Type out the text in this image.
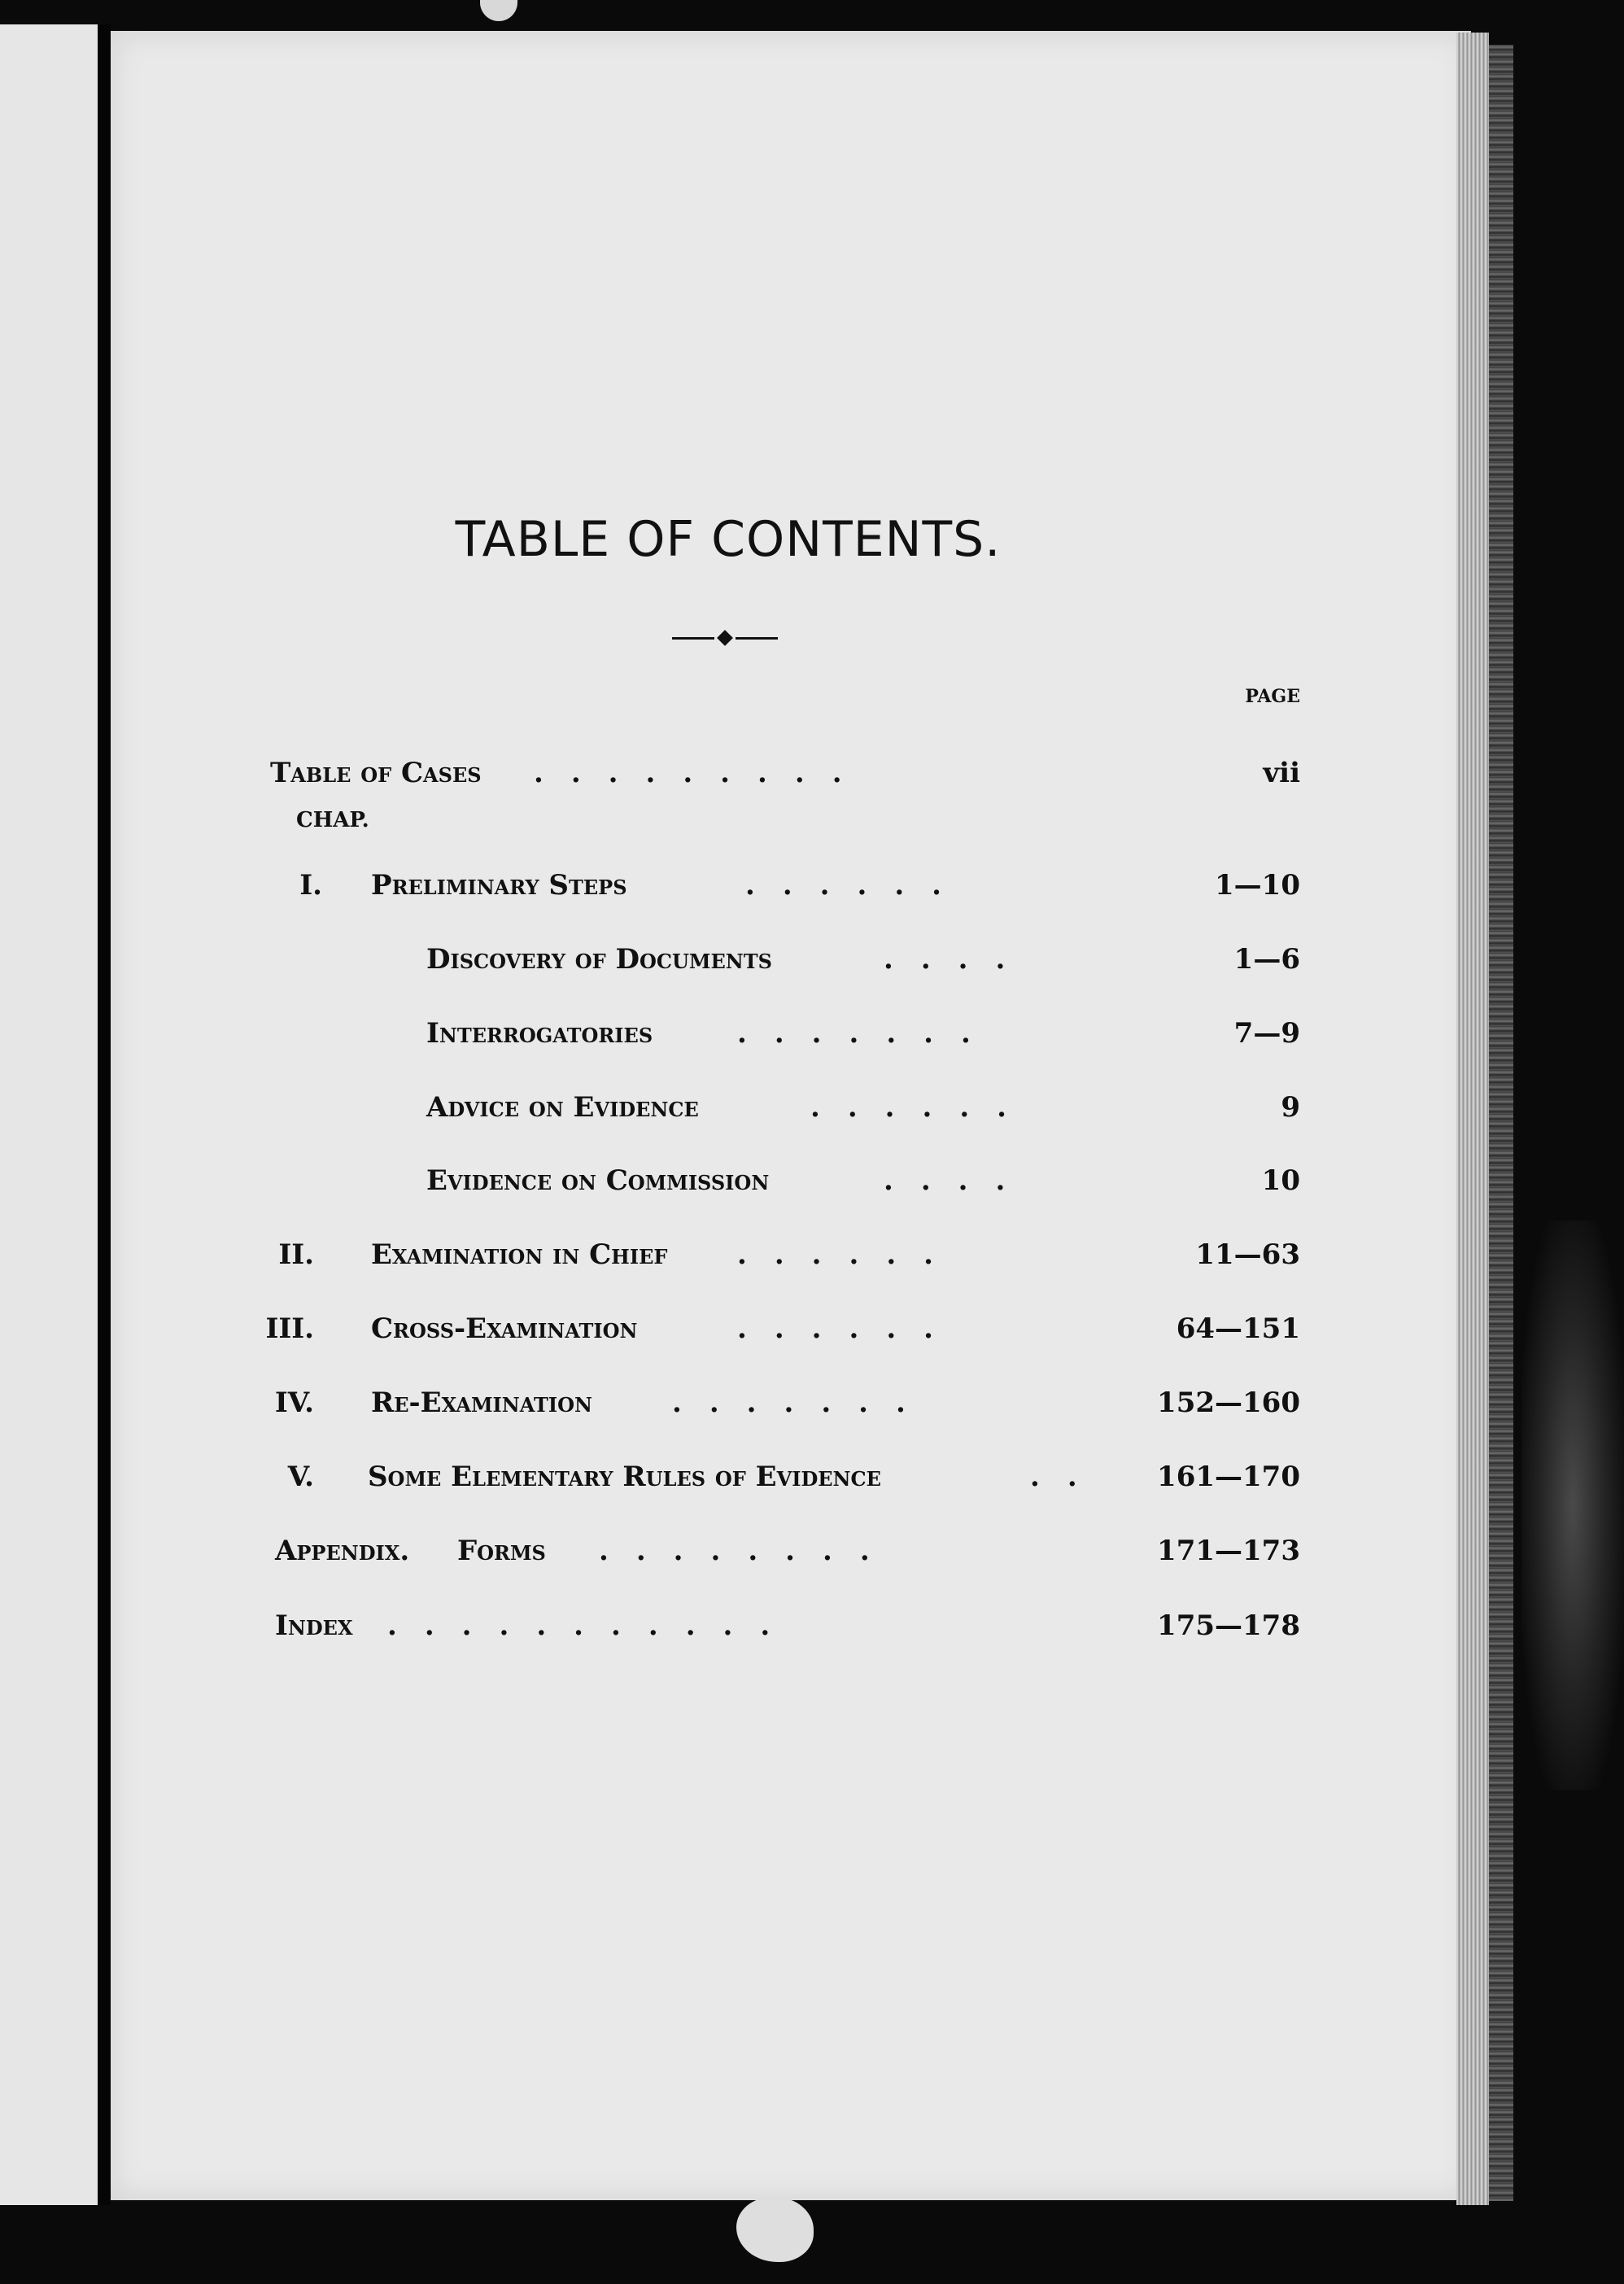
TABLE OF CONTENTS.
PAGE
Table of Cases .........	vii
CHAP.
I. Preliminary Steps	......	1—10
Discovery of Documents	....	1—6
Interrogatories	.......	7—9
Advice on Evidence	......	9
Evidence on Commission	....	10
II. Examination in Chief	......	11—63
III. Cross-Examination	......	64—151
IV. Re-Examination	.......	152—160
V. Some Elementary Rules of Evidence	.. 161—170
Appendix. Forms ........	171—173
Index ...........	175—178
